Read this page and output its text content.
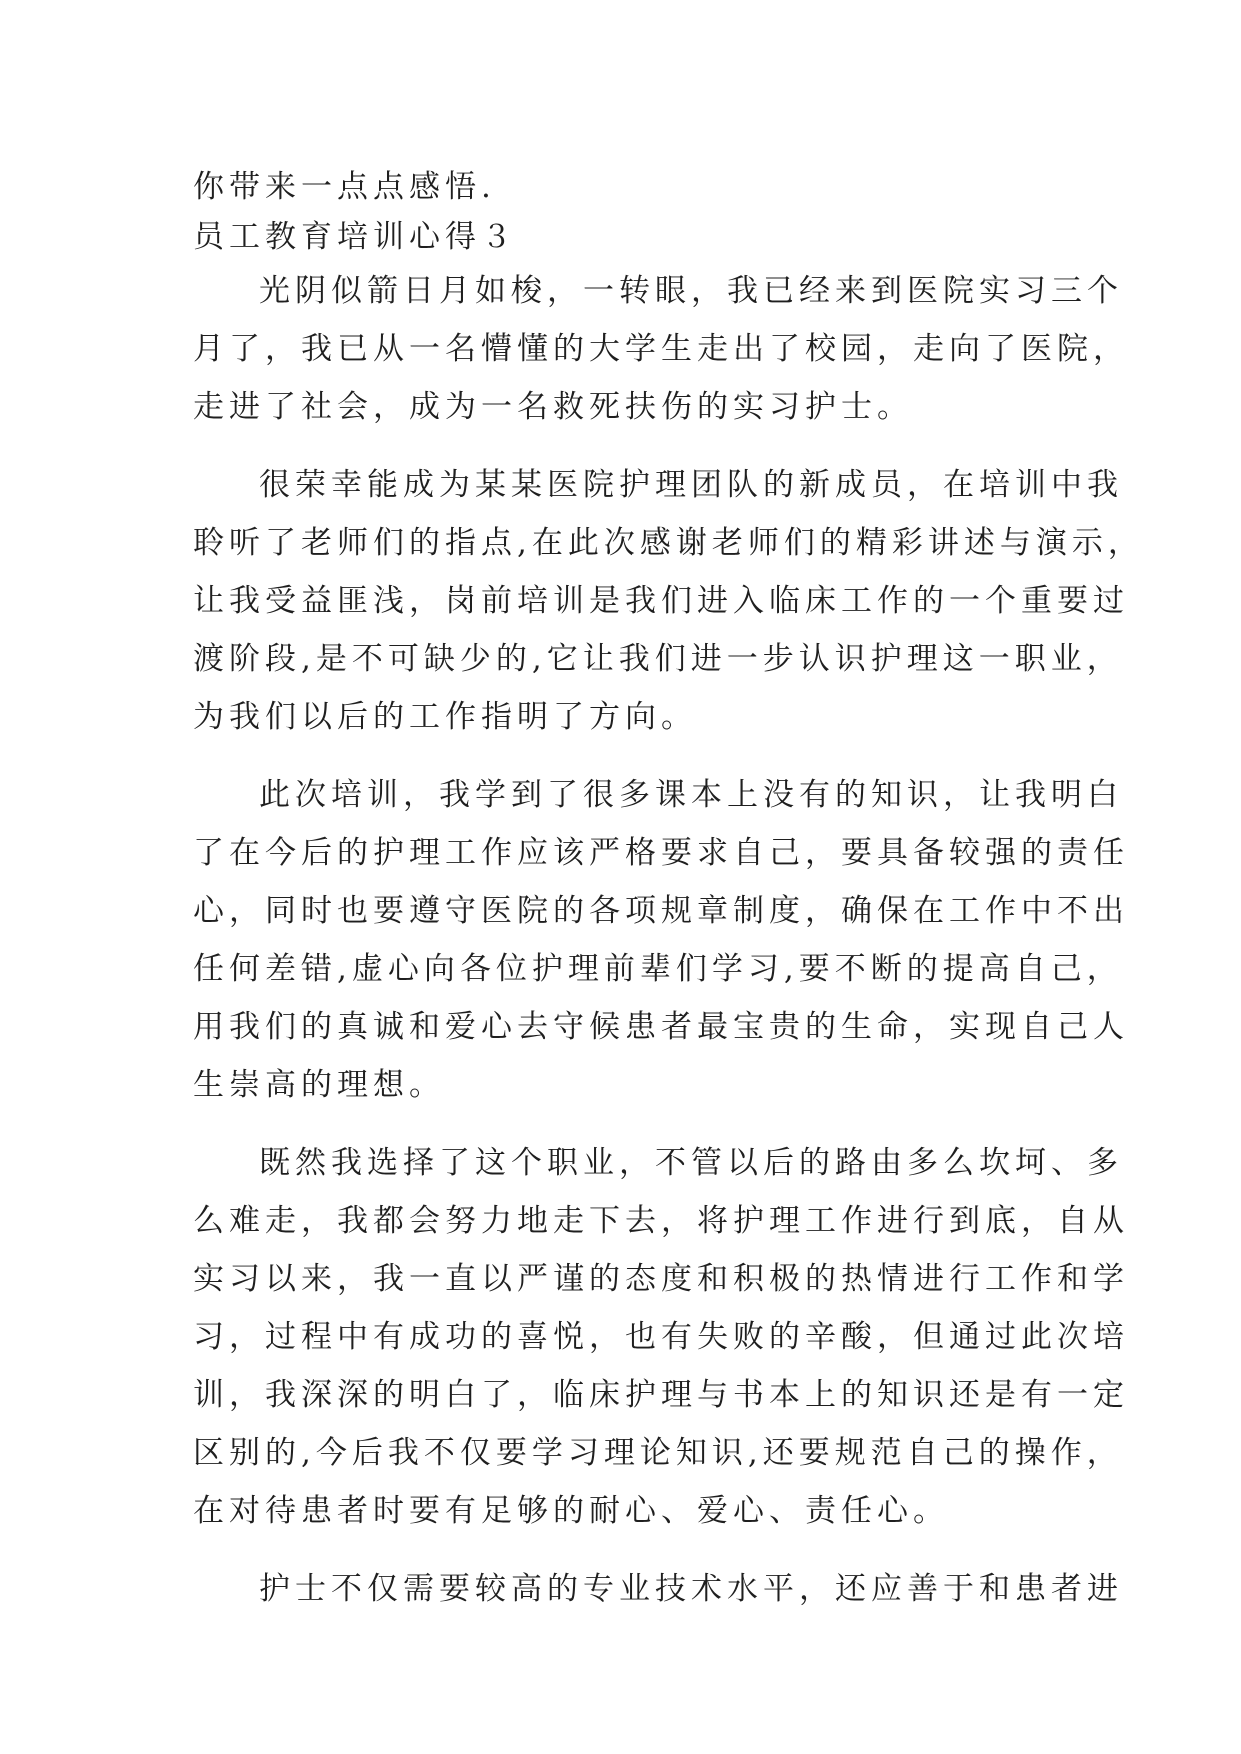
你带来一点点感悟.

员工教育培训心得３

光阴似箭日月如梭，一转眼，我已经来到医院实习三个

月了，我已从一名懵懂的大学生走出了校园，走向了医院，

走进了社会，成为一名救死扶伤的实习护士。

很荣幸能成为某某医院护理团队的新成员，在培训中我

聆听了老师们的指点,在此次感谢老师们的精彩讲述与演示，

让我受益匪浅，岗前培训是我们进入临床工作的一个重要过

渡阶段,是不可缺少的,它让我们进一步认识护理这一职业，

为我们以后的工作指明了方向。

此次培训，我学到了很多课本上没有的知识，让我明白

了在今后的护理工作应该严格要求自己，要具备较强的责任

心，同时也要遵守医院的各项规章制度，确保在工作中不出

任何差错,虚心向各位护理前辈们学习,要不断的提高自己，

用我们的真诚和爱心去守候患者最宝贵的生命，实现自己人

生崇高的理想。

既然我选择了这个职业，不管以后的路由多么坎坷、多

么难走，我都会努力地走下去，将护理工作进行到底，自从

实习以来，我一直以严谨的态度和积极的热情进行工作和学

习，过程中有成功的喜悦，也有失败的辛酸，但通过此次培

训，我深深的明白了，临床护理与书本上的知识还是有一定

区别的,今后我不仅要学习理论知识,还要规范自己的操作，

在对待患者时要有足够的耐心、爱心、责任心。

护士不仅需要较高的专业技术水平，还应善于和患者进
